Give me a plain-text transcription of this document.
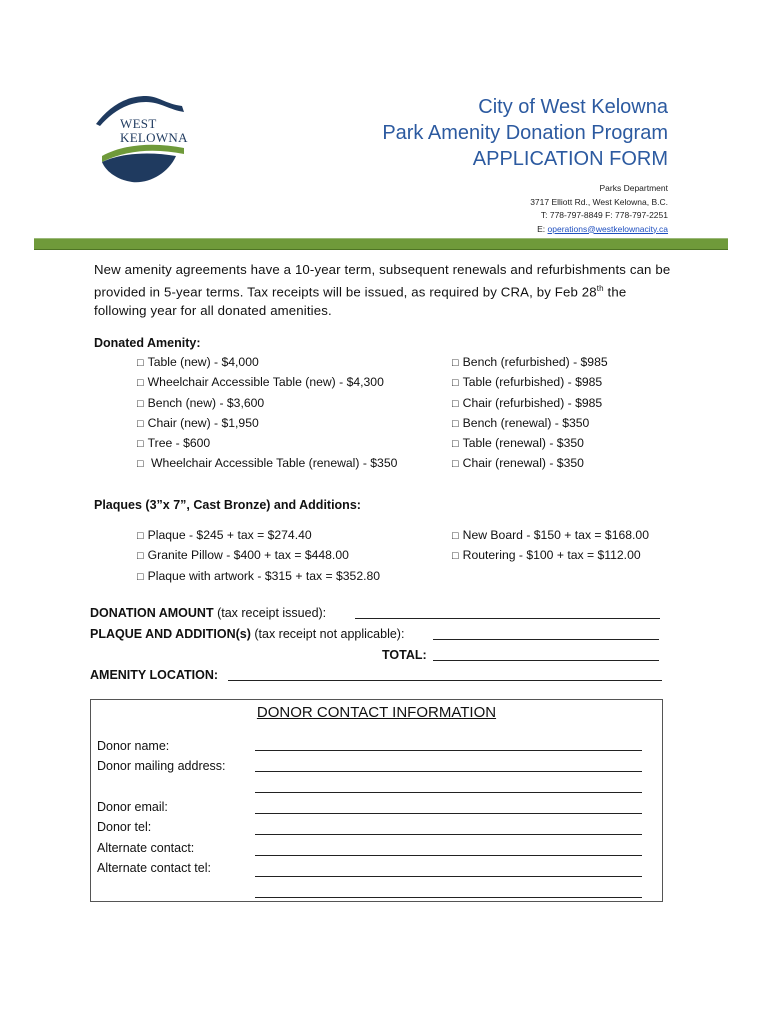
WEST
KELOWNA
City of West Kelowna
Park Amenity Donation Program
APPLICATION FORM
Parks Department
3717 Elliott Rd., West Kelowna, B.C.
T: 778-797-8849 F: 778-797-2251
E: operations@westkelownacity.ca
New amenity agreements have a 10-year term, subsequent renewals and refurbishments can be provided in 5-year terms. Tax receipts will be issued, as required by CRA, by Feb 28th the following year for all donated amenities.
Donated Amenity:
□ Table (new) - $4,000
□ Wheelchair Accessible Table (new) - $4,300
□ Bench (new) - $3,600
□ Chair (new) - $1,950
□ Tree - $600
□ Wheelchair Accessible Table (renewal) - $350
□ Bench (refurbished) - $985
□ Table (refurbished) - $985
□ Chair (refurbished) - $985
□ Bench (renewal) - $350
□ Table (renewal) - $350
□ Chair (renewal) - $350
Plaques (3”x 7”, Cast Bronze) and Additions:
□ Plaque - $245 + tax = $274.40
□ Granite Pillow - $400 + tax = $448.00
□ Plaque with artwork - $315 + tax = $352.80
□ New Board - $150 + tax = $168.00
□ Routering - $100 + tax = $112.00
DONATION AMOUNT (tax receipt issued):
PLAQUE AND ADDITION(s) (tax receipt not applicable):
TOTAL:
AMENITY LOCATION:
DONOR CONTACT INFORMATION
Donor name:
Donor mailing address:
Donor email:
Donor tel:
Alternate contact:
Alternate contact tel:
